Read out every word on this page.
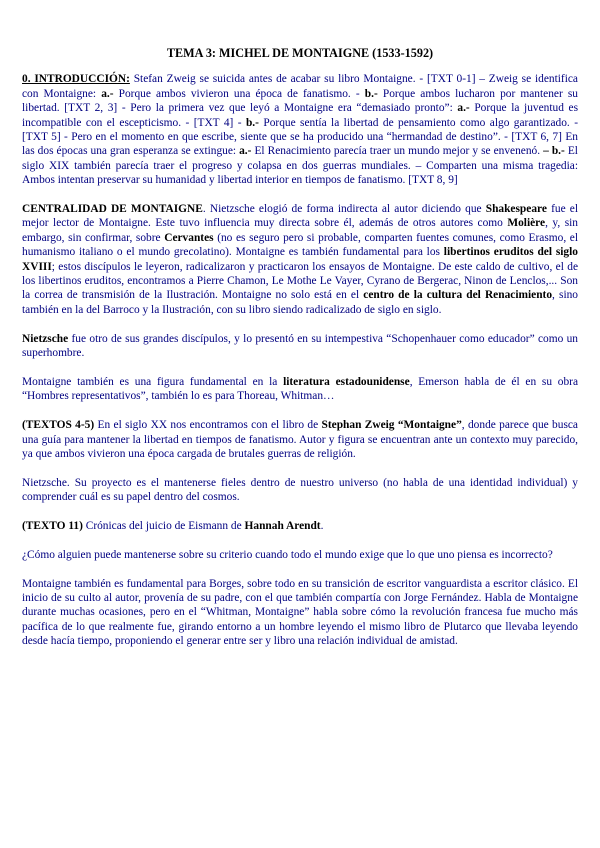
TEMA 3: MICHEL DE MONTAIGNE (1533-1592)

0. INTRODUCCIÓN: Stefan Zweig se suicida antes de acabar su libro Montaigne. - [TXT 0-1] – Zweig se identifica con Montaigne: a.- Porque ambos vivieron una época de fanatismo. - b.- Porque ambos lucharon por mantener su libertad. [TXT 2, 3] - Pero la primera vez que leyó a Montaigne era “demasiado pronto”: a.- Porque la juventud es incompatible con el escepticismo. - [TXT 4] - b.- Porque sentía la libertad de pensamiento como algo garantizado. - [TXT 5] - Pero en el momento en que escribe, siente que se ha producido una “hermandad de destino”. - [TXT 6, 7] En las dos épocas una gran esperanza se extingue: a.- El Renacimiento parecía traer un mundo mejor y se envenenó. – b.- El siglo XIX también parecía traer el progreso y colapsa en dos guerras mundiales. – Comparten una misma tragedia: Ambos intentan preservar su humanidad y libertad interior en tiempos de fanatismo. [TXT 8, 9]

CENTRALIDAD DE MONTAIGNE. Nietzsche elogió de forma indirecta al autor diciendo que Shakespeare fue el mejor lector de Montaigne. Este tuvo influencia muy directa sobre él, además de otros autores como Molière, y, sin embargo, sin confirmar, sobre Cervantes (no es seguro pero si probable, comparten fuentes comunes, como Erasmo, el humanismo italiano o el mundo grecolatino). Montaigne es también fundamental para los libertinos eruditos del siglo XVIII; estos discípulos le leyeron, radicalizaron y practicaron los ensayos de Montaigne. De este caldo de cultivo, el de los libertinos eruditos, encontramos a Pierre Chamon, Le Mothe Le Vayer, Cyrano de Bergerac, Ninon de Lenclos,... Son la correa de transmisión de la Ilustración. Montaigne no solo está en el centro de la cultura del Renacimiento, sino también en la del Barroco y la Ilustración, con su libro siendo radicalizado de siglo en siglo.

Nietzsche fue otro de sus grandes discípulos, y lo presentó en su intempestiva “Schopenhauer como educador” como un superhombre.

Montaigne también es una figura fundamental en la literatura estadounidense, Emerson habla de él en su obra “Hombres representativos”, también lo es para Thoreau, Whitman…

(TEXTOS 4-5) En el siglo XX nos encontramos con el libro de Stephan Zweig “Montaigne”, donde parece que busca una guía para mantener la libertad en tiempos de fanatismo. Autor y figura se encuentran ante un contexto muy parecido, ya que ambos vivieron una época cargada de brutales guerras de religión.

Nietzsche. Su proyecto es el mantenerse fieles dentro de nuestro universo (no habla de una identidad individual) y comprender cuál es su papel dentro del cosmos.

(TEXTO 11) Crónicas del juicio de Eismann de Hannah Arendt.

¿Cómo alguien puede mantenerse sobre su criterio cuando todo el mundo exige que lo que uno piensa es incorrecto?

Montaigne también es fundamental para Borges, sobre todo en su transición de escritor vanguardista a escritor clásico. El inicio de su culto al autor, provenía de su padre, con el que también compartía con Jorge Fernández. Habla de Montaigne durante muchas ocasiones, pero en el “Whitman, Montaigne” habla sobre cómo la revolución francesa fue mucho más pacífica de lo que realmente fue, girando entorno a un hombre leyendo el mismo libro de Plutarco que llevaba leyendo desde hacía tiempo, proponiendo el generar entre ser y libro una relación individual de amistad.
